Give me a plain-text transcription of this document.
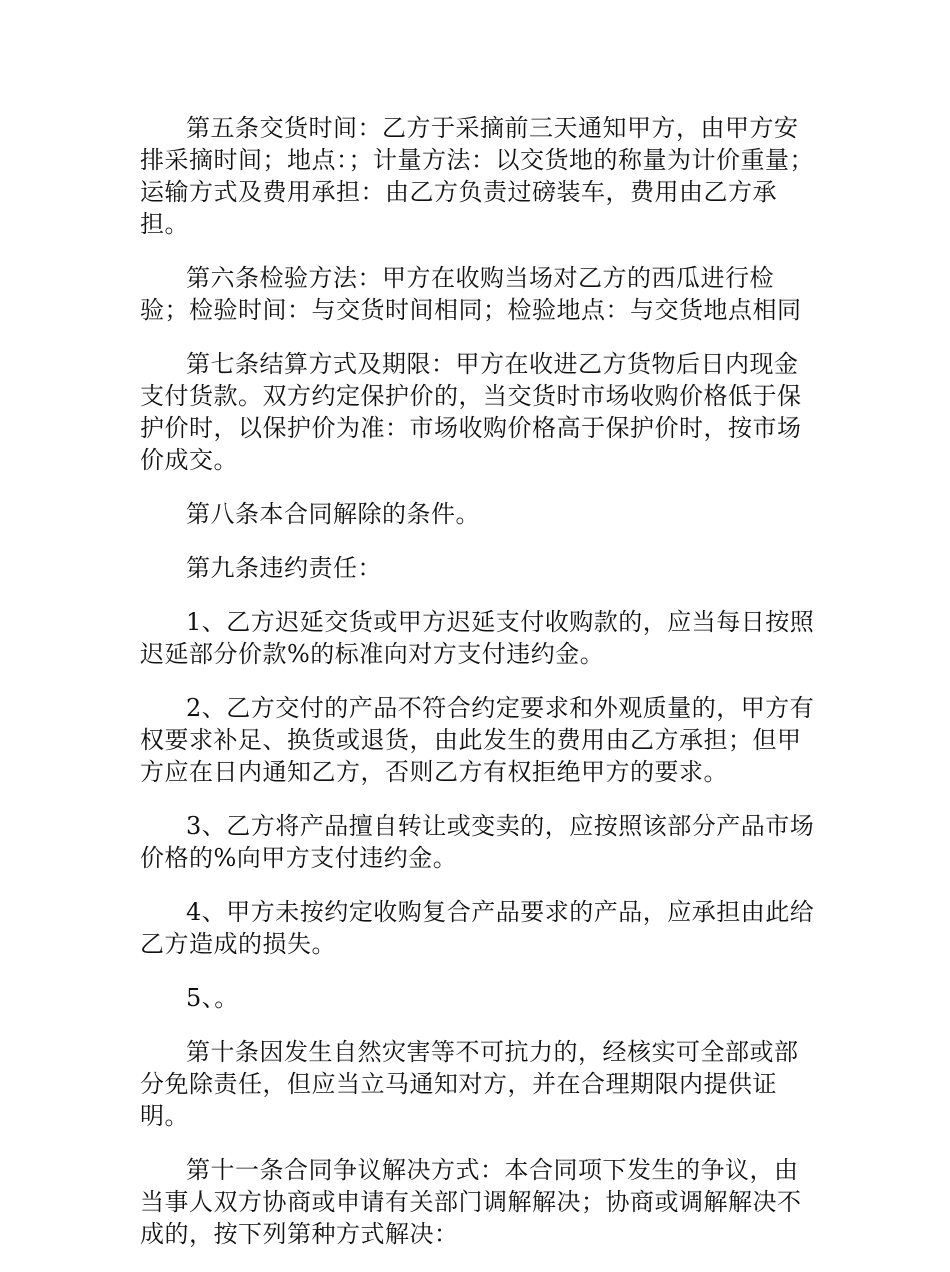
第五条交货时间：乙方于采摘前三天通知甲方，由甲方安排采摘时间；地点：；计量方法：以交货地的称量为计价重量；运输方式及费用承担：由乙方负责过磅装车，费用由乙方承担。

第六条检验方法：甲方在收购当场对乙方的西瓜进行检验；检验时间：与交货时间相同；检验地点：与交货地点相同

第七条结算方式及期限：甲方在收进乙方货物后日内现金支付货款。双方约定保护价的，当交货时市场收购价格低于保护价时，以保护价为准：市场收购价格高于保护价时，按市场价成交。

第八条本合同解除的条件。

第九条违约责任：

1、乙方迟延交货或甲方迟延支付收购款的，应当每日按照迟延部分价款%的标准向对方支付违约金。

2、乙方交付的产品不符合约定要求和外观质量的，甲方有权要求补足、换货或退货，由此发生的费用由乙方承担；但甲方应在日内通知乙方，否则乙方有权拒绝甲方的要求。

3、乙方将产品擅自转让或变卖的，应按照该部分产品市场价格的%向甲方支付违约金。

4、甲方未按约定收购复合产品要求的产品，应承担由此给乙方造成的损失。

5、。

第十条因发生自然灾害等不可抗力的，经核实可全部或部分免除责任，但应当立马通知对方，并在合理期限内提供证明。

第十一条合同争议解决方式：本合同项下发生的争议，由当事人双方协商或申请有关部门调解解决；协商或调解解决不成的，按下列第种方式解决：
